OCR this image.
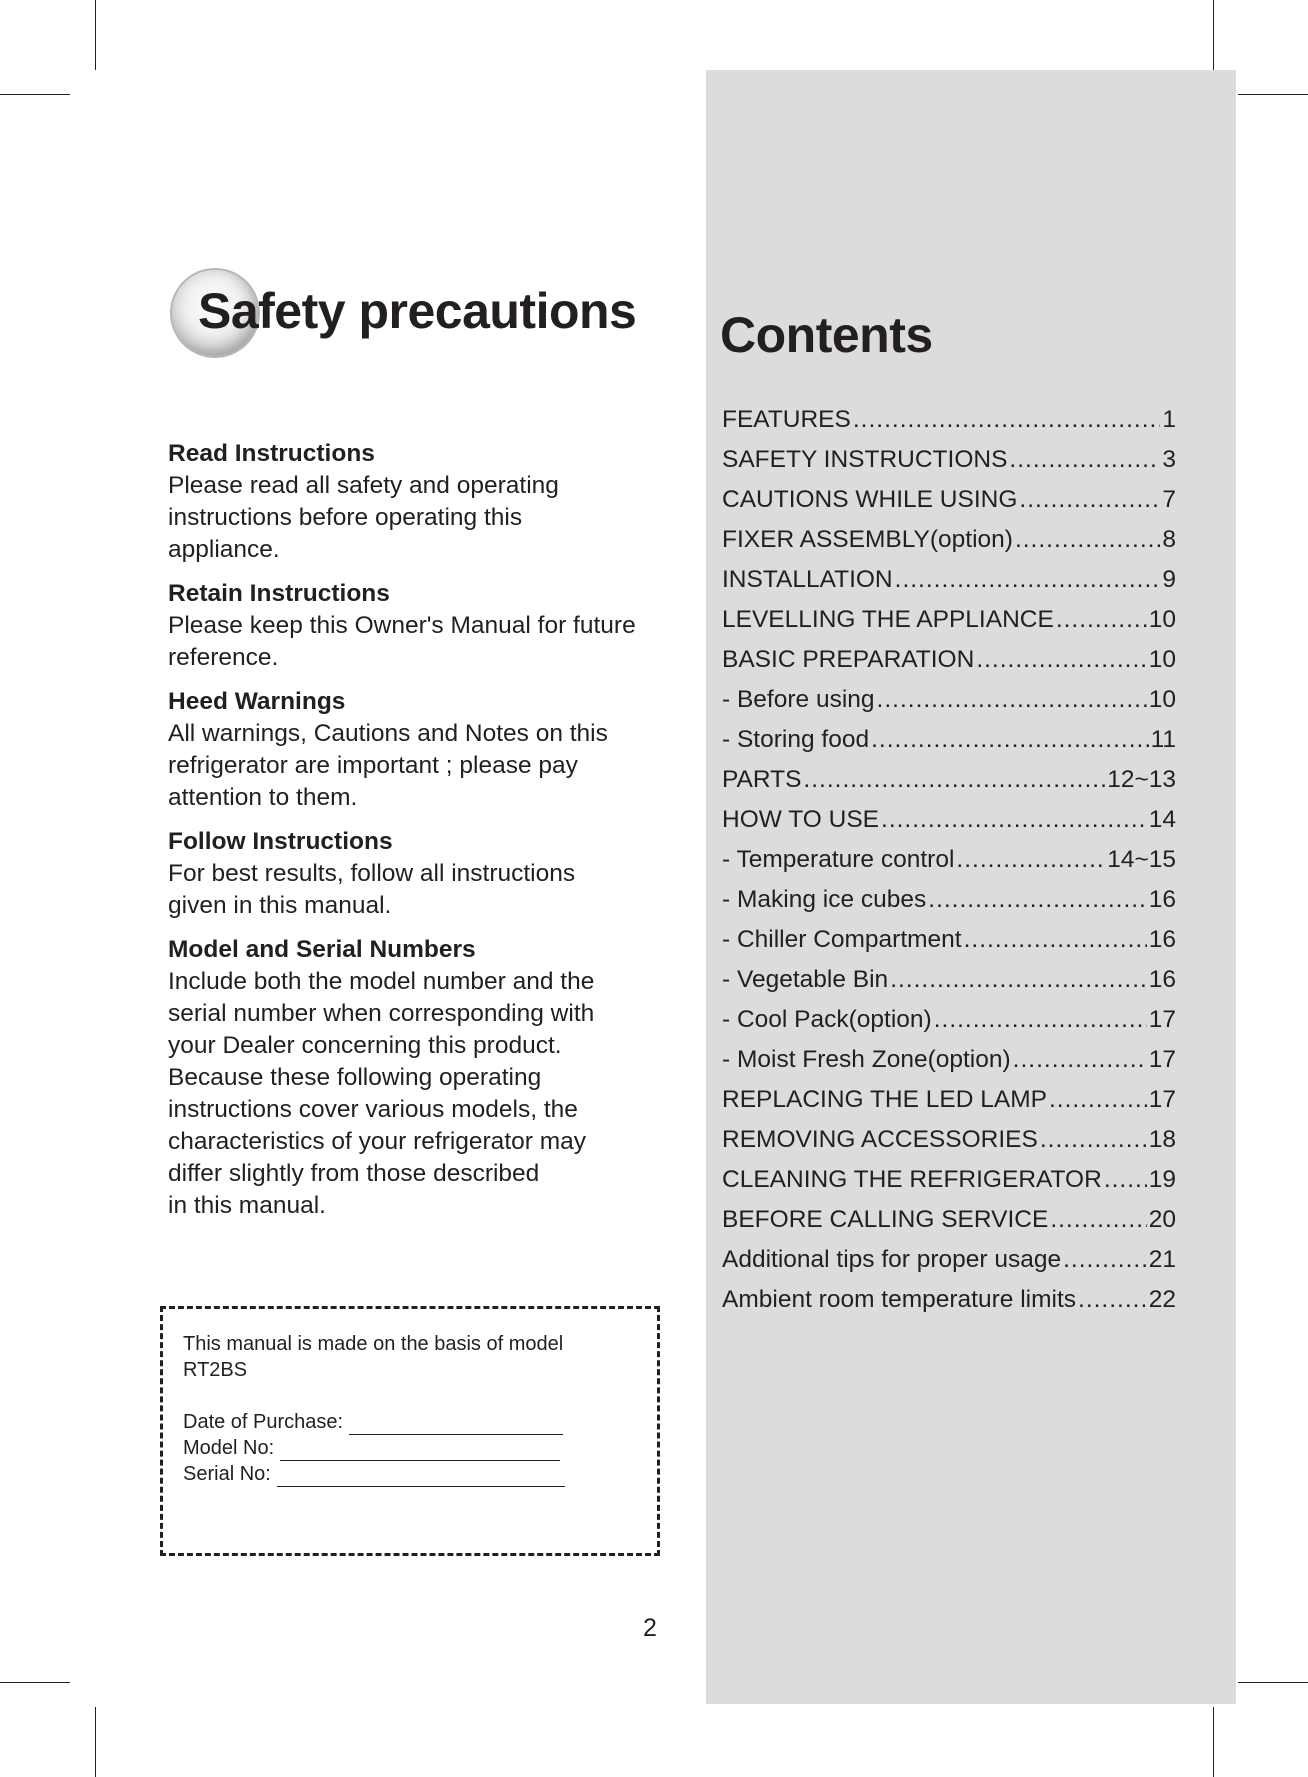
Safety precautions
Read Instructions
Please read all safety and operating
instructions before operating this
appliance.
Retain Instructions
Please keep this Owner's Manual for future
reference.
Heed Warnings
All warnings, Cautions and Notes on this
refrigerator are important ; please pay
attention to them.
Follow Instructions
For best results, follow all instructions
given in this manual.
Model and Serial Numbers
Include both the model number and the
serial number when corresponding with
your Dealer concerning this product.
Because these following operating
instructions cover various models, the
characteristics of your refrigerator may
differ slightly from those described
in this manual.
This manual is made on the basis of model
RT2BS
Date of Purchase:
Model No:
Serial No:
2
Contents
FEATURES .....	1
SAFETY INSTRUCTIONS .....	3
CAUTIONS WHILE USING .....	7
FIXER ASSEMBLY(option) .....	8
INSTALLATION .....	9
LEVELLING THE APPLIANCE .....	10
BASIC PREPARATION .....	10
- Before using .....	10
- Storing food .....	11
PARTS .....	12~13
HOW TO USE .....	14
- Temperature control .....	14~15
- Making ice cubes .....	16
- Chiller Compartment .....	16
- Vegetable Bin .....	16
- Cool Pack(option) .....	17
- Moist Fresh Zone(option) .....	17
REPLACING THE LED LAMP .....	17
REMOVING ACCESSORIES .....	18
CLEANING THE REFRIGERATOR ..... 19
BEFORE CALLING SERVICE .....	20
Additional tips for proper usage .....	21
Ambient room temperature limits .....	22
